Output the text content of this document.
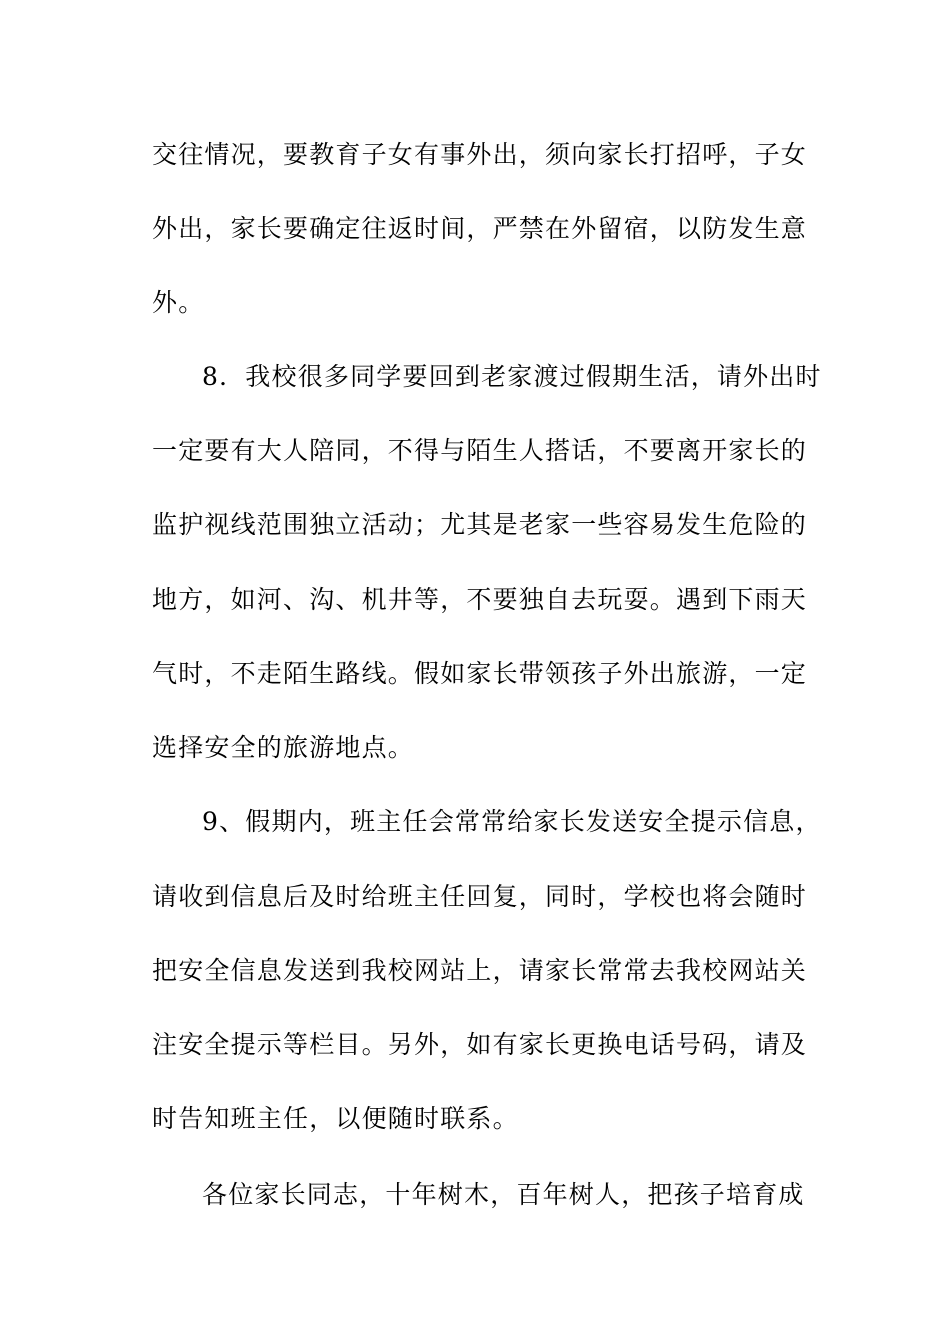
交往情况，要教育子女有事外出，须向家长打招呼，子女
外出，家长要确定往返时间，严禁在外留宿，以防发生意
外。
8．我校很多同学要回到老家渡过假期生活，请外出时
一定要有大人陪同，不得与陌生人搭话，不要离开家长的
监护视线范围独立活动；尤其是老家一些容易发生危险的
地方，如河、沟、机井等，不要独自去玩耍。遇到下雨天
气时，不走陌生路线。假如家长带领孩子外出旅游，一定
选择安全的旅游地点。
9、假期内，班主任会常常给家长发送安全提示信息，
请收到信息后及时给班主任回复，同时，学校也将会随时
把安全信息发送到我校网站上，请家长常常去我校网站关
注安全提示等栏目。另外，如有家长更换电话号码，请及
时告知班主任，以便随时联系。
各位家长同志，十年树木，百年树人，把孩子培育成
